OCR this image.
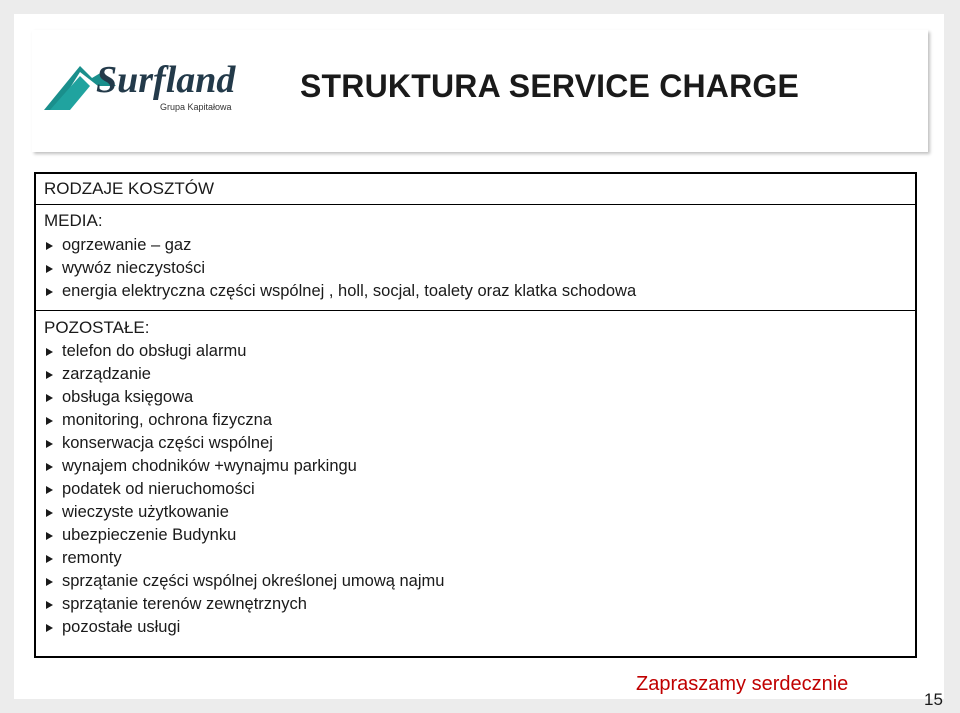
Surfland
Grupa Kapitałowa
STRUKTURA SERVICE CHARGE
RODZAJE KOSZTÓW
MEDIA:
ogrzewanie – gaz
wywóz nieczystości
energia elektryczna części wspólnej , holl, socjal, toalety oraz klatka schodowa
POZOSTAŁE:
telefon do obsługi alarmu
zarządzanie
obsługa księgowa
monitoring, ochrona fizyczna
konserwacja części wspólnej
wynajem chodników +wynajmu parkingu
podatek od nieruchomości
wieczyste użytkowanie
ubezpieczenie Budynku
remonty
sprzątanie części wspólnej określonej umową najmu
sprzątanie terenów zewnętrznych
pozostałe usługi
Zapraszamy serdecznie
15
